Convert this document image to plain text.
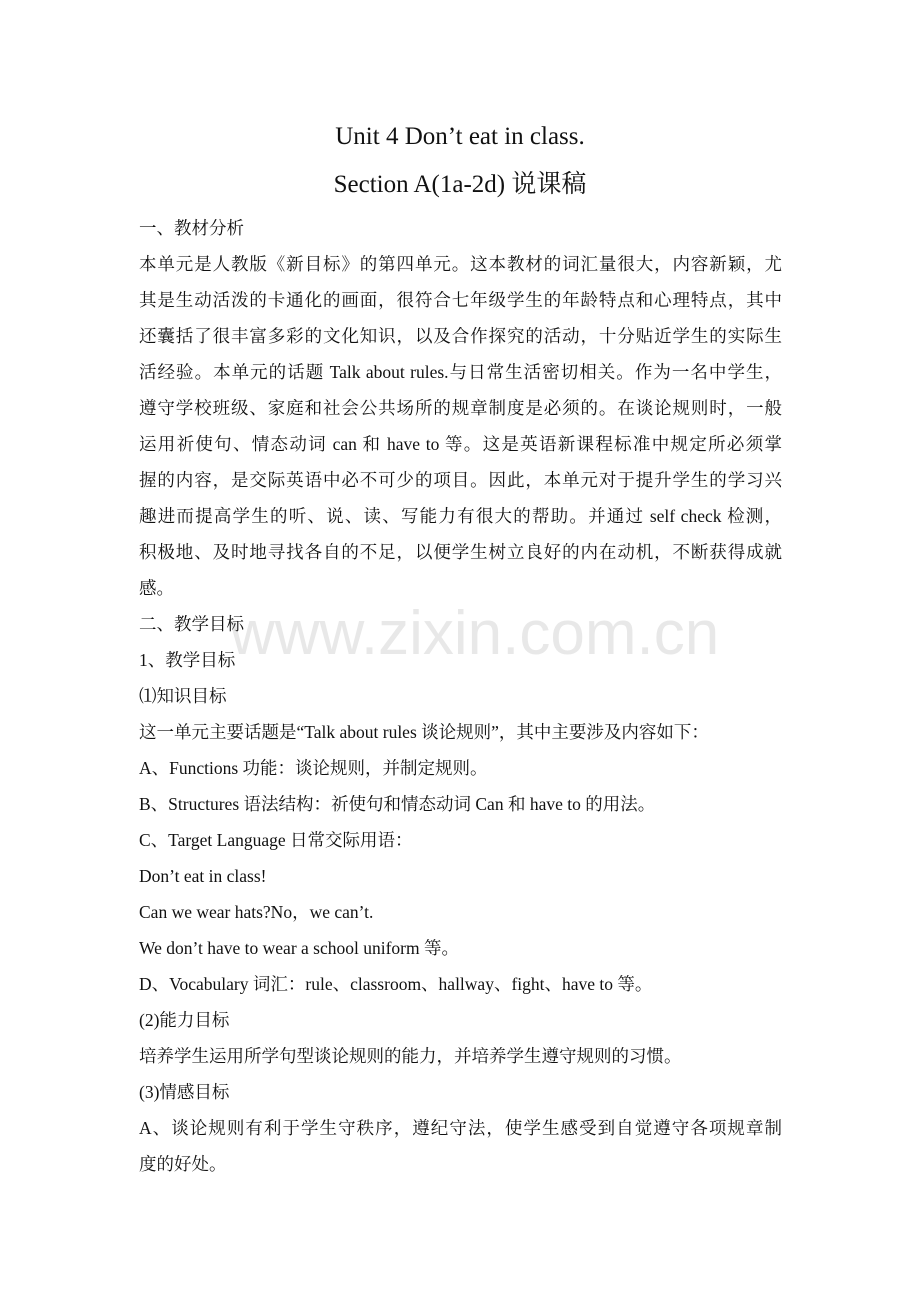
Unit 4 Don’t eat in class.
Section A(1a-2d) 说课稿
一、教材分析
本单元是人教版《新目标》的第四单元。这本教材的词汇量很大，内容新颖，尤
其是生动活泼的卡通化的画面，很符合七年级学生的年龄特点和心理特点，其中
还囊括了很丰富多彩的文化知识，以及合作探究的活动，十分贴近学生的实际生
活经验。本单元的话题 Talk about rules.与日常生活密切相关。作为一名中学生，
遵守学校班级、家庭和社会公共场所的规章制度是必须的。在谈论规则时，一般
运用祈使句、情态动词 can 和 have to 等。这是英语新课程标准中规定所必须掌
握的内容，是交际英语中必不可少的项目。因此，本单元对于提升学生的学习兴
趣进而提高学生的听、说、读、写能力有很大的帮助。并通过 self check 检测，
积极地、及时地寻找各自的不足，以便学生树立良好的内在动机，不断获得成就
感。
二、教学目标
1、教学目标
⑴知识目标
这一单元主要话题是“Talk about rules 谈论规则”，其中主要涉及内容如下：
A、Functions 功能：谈论规则，并制定规则。
B、Structures 语法结构：祈使句和情态动词 Can 和 have to 的用法。
C、Target Language 日常交际用语：
Don’t eat in class!
Can we wear hats?No，we can’t.
We don’t have to wear a school uniform 等。
D、Vocabulary 词汇：rule、classroom、hallway、fight、have to 等。
(2)能力目标
培养学生运用所学句型谈论规则的能力，并培养学生遵守规则的习惯。
(3)情感目标
A、谈论规则有利于学生守秩序，遵纪守法，使学生感受到自觉遵守各项规章制
度的好处。
www.zixin.com.cn
